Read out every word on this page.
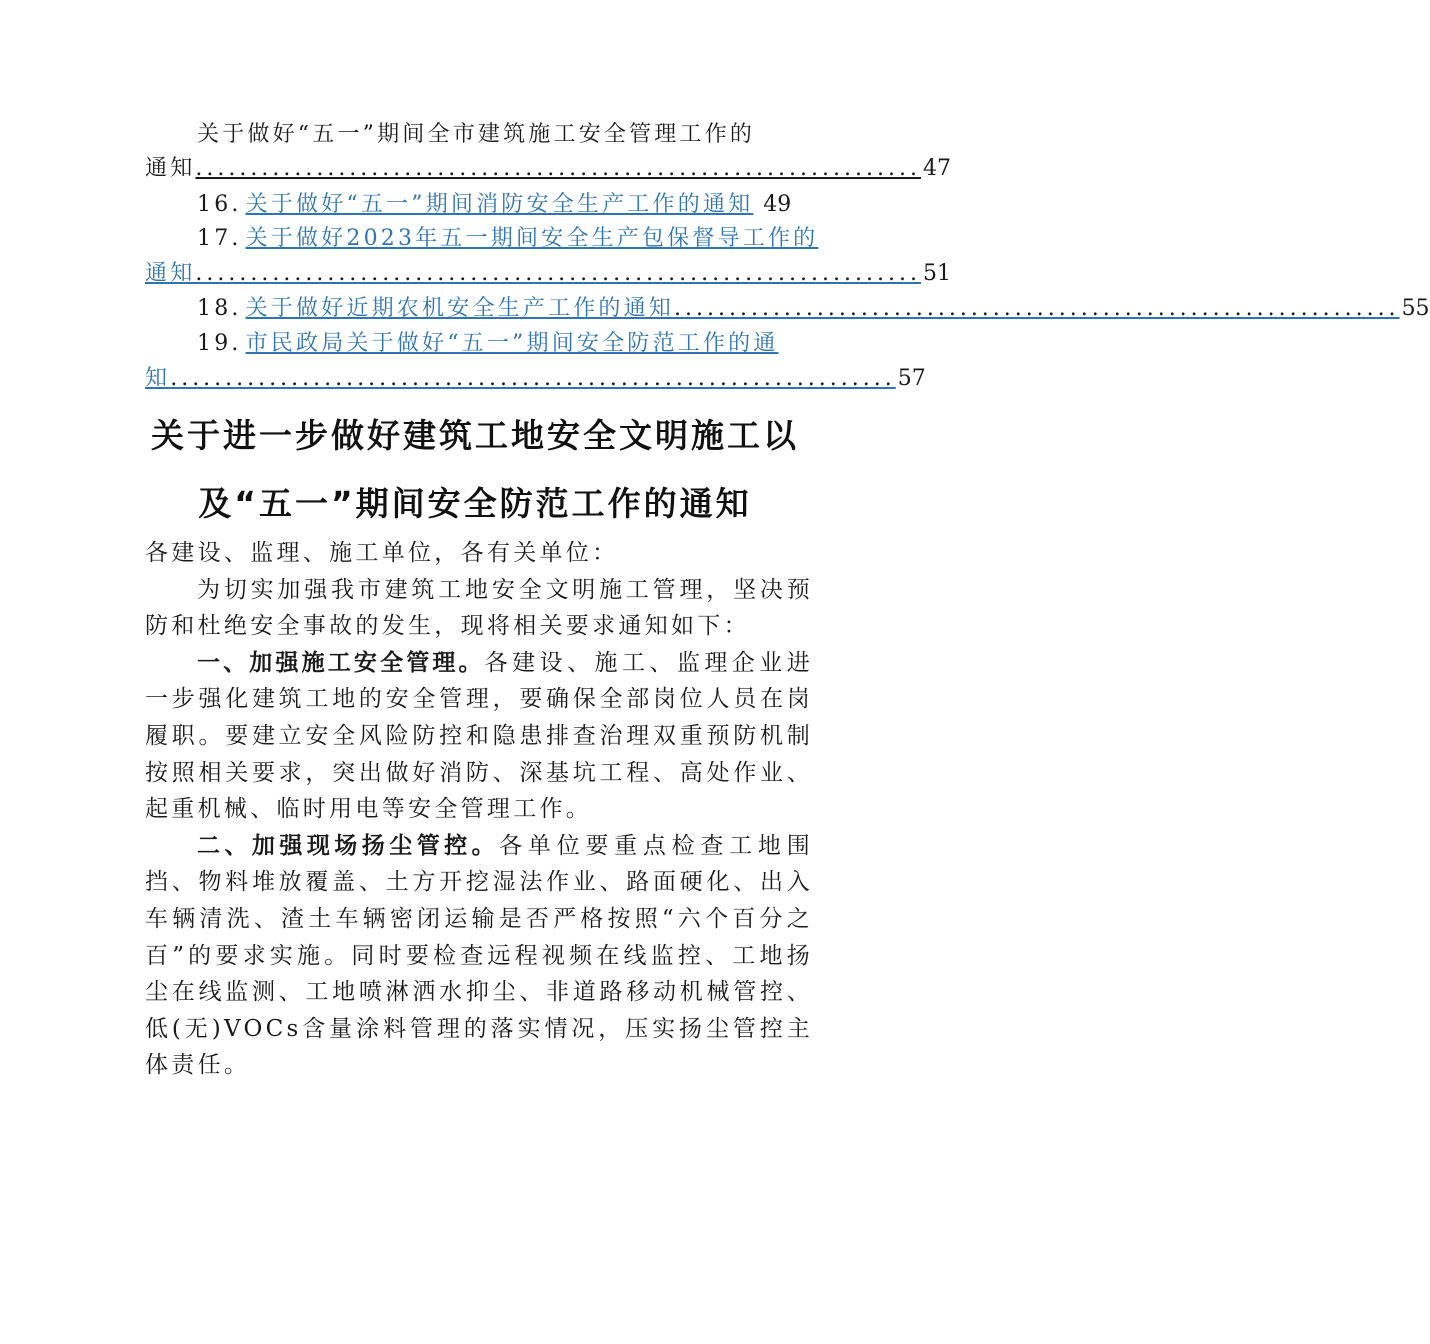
关于做好“五一”期间全市建筑施工安全管理工作的
通知 .................................................................. 47
16. 关于做好“五一”期间消防安全生产工作的通知 49
17. 关于做好2023年五一期间安全生产包保督导工作的
通知 .................................................................. 51
18. 关于做好近期农机安全生产工作的通知 .................................................................. 55
19. 市民政局关于做好“五一”期间安全防范工作的通
知 .................................................................. 57
关于进一步做好建筑工地安全文明施工以
及“五一”期间安全防范工作的通知

各建设、监理、施工单位，各有关单位：

为切实加强我市建筑工地安全文明施工管理，坚决预防和杜绝安全事故的发生，现将相关要求通知如下：

一、加强施工安全管理。各建设、施工、监理企业进一步强化建筑工地的安全管理，要确保全部岗位人员在岗履职。要建立安全风险防控和隐患排查治理双重预防机制按照相关要求，突出做好消防、深基坑工程、高处作业、起重机械、临时用电等安全管理工作。

二、加强现场扬尘管控。各单位要重点检查工地围挡、物料堆放覆盖、土方开挖湿法作业、路面硬化、出入车辆清洗、渣土车辆密闭运输是否严格按照“六个百分之百”的要求实施。同时要检查远程视频在线监控、工地扬尘在线监测、工地喷淋洒水抑尘、非道路移动机械管控、低(无)VOCs含量涂料管理的落实情况，压实扬尘管控主体责任。
